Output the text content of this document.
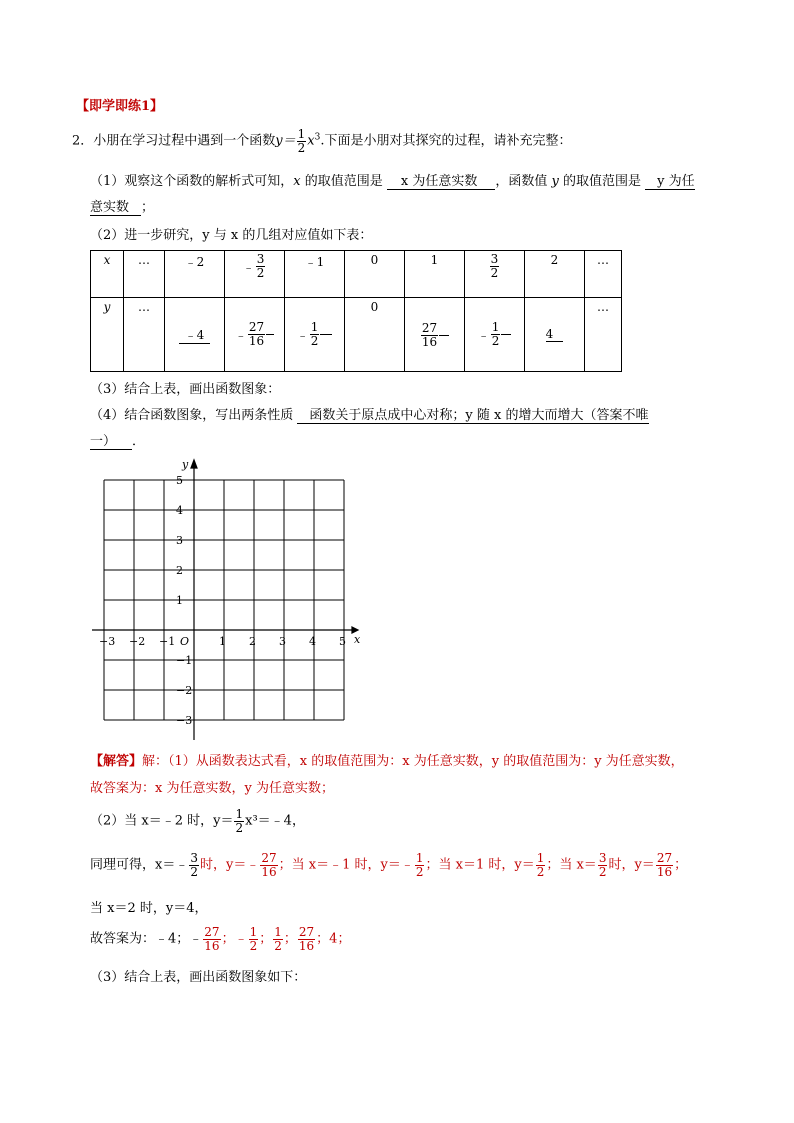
【即学即练1】
2．小朋在学习过程中遇到一个函数$y= \frac{1}{2} x^3$.下面是小朋对其探究的过程，请补充完整：
（1）观察这个函数的解析式可知，x 的取值范围是 x 为任意实数 ，函数值 y 的取值范围是 y 为任
意实数 ；
（2）进一步研究，y 与 x 的几组对应值如下表：
x	…	﹣2	﹣ $\frac{3}{2}$	﹣1	0	1	$\frac{3}{2}$	2	…
y	…	﹣4	﹣ $\frac{27}{16}$	﹣ $\frac{1}{2}$	0	$\frac{27}{16}$	﹣ $\frac{1}{2}$	4	…
（3）结合上表，画出函数图象：
（4）结合函数图象，写出两条性质 函数关于原点成中心对称；y 随 x 的增大而增大（答案不唯
一） ．
x
y
O
−3 −2 −1	1 2 3 4 5
5
4
3
2
1
−1
−2
−3
【解答】解：（1）从函数表达式看，x 的取值范围为：x 为任意实数，y 的取值范围为：y 为任意实数，
故答案为：x 为任意实数，y 为任意实数；
（2）当 x＝﹣2 时，$y= \frac{1}{2}$ x³＝﹣4，
同理可得，x＝﹣ $\frac{3}{2}$ 时，y＝﹣ $\frac{27}{16}$ ；当 x＝﹣1 时，y＝﹣ $\frac{1}{2}$ ；当 x＝1 时，$y= \frac{1}{2}$ ；当 $x= \frac{3}{2}$ 时，$y= \frac{27}{16}$ ；
当 x＝2 时，y＝4，
故答案为：﹣4；﹣ $\frac{27}{16}$ ；﹣ $\frac{1}{2}$ ； $\frac{1}{2}$ ； $\frac{27}{16}$ ；4；
（3）结合上表，画出函数图象如下：
